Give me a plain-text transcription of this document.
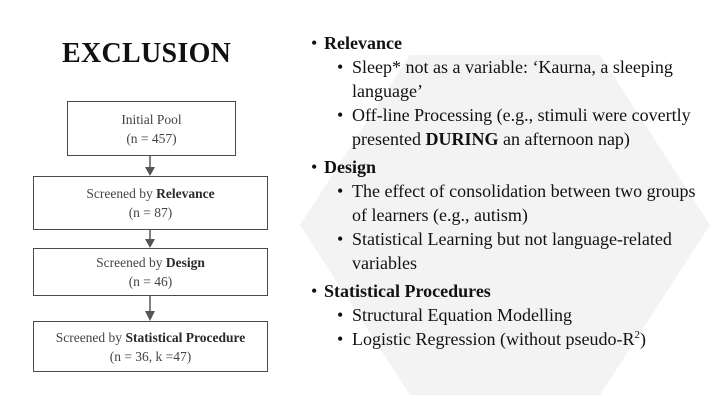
EXCLUSION
Initial Pool
(n = 457)
Screened by Relevance
(n = 87)
Screened by Design
(n = 46)
Screened by Statistical Procedure
(n = 36, k =47)
• Relevance
• Sleep* not as a variable: ‘Kaurna, a sleeping language’
• Off-line Processing (e.g., stimuli were covertly presented DURING an afternoon nap)
• Design
• The effect of consolidation between two groups of learners (e.g., autism)
• Statistical Learning but not language-related variables
• Statistical Procedures
• Structural Equation Modelling
• Logistic Regression (without pseudo-$R^2$)
